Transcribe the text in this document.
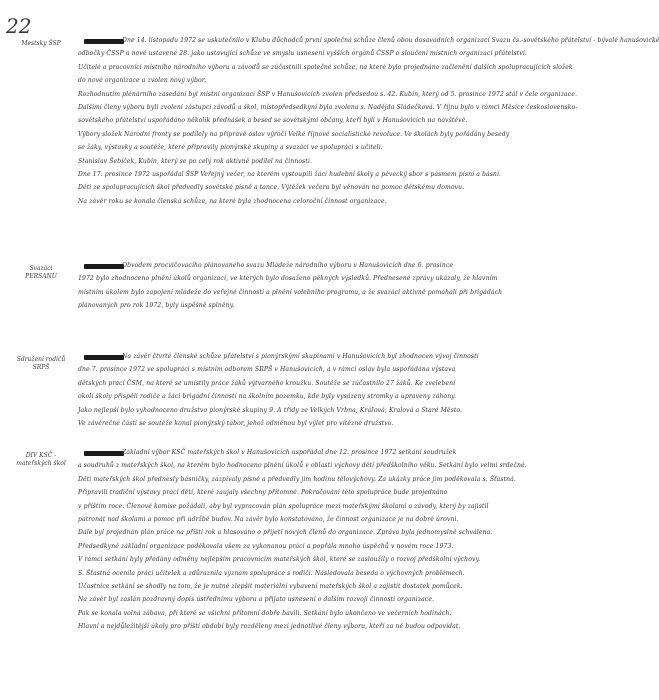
22
Mestsky ŠSP	Dne 14. listopadu 1972 se uskutečnilo v Klubu důchodců první společná schůze členů obou dosavadních organizací Svazu čs.-sovětského přátelství - bývalé hanušovické
odbočky ČSSP a nově ustavené 28. jako ustavující schůze ve smyslu usnesení vyšších orgánů ČSSP o sloučení místních organizací přátelství.
Učitelé a pracovníci místního národního výboru a závodů se zúčastnili společné schůze, na které bylo projednáno začlenění dalších spolupracujících složek
do nové organizace a zvolen nový výbor.
Rozhodnutím plénárního zasedání byl místní organizaci ŠSP v Hanušovicích zvolen předsedou s. 42. Kubín, který od 5. prosince 1972 stál v čele organizace.
Dalšími členy výboru byli zvoleni zástupci závodů a škol, místopředsedkyní byla zvolena s. Nadějda Sládečková. V říjnu bylo v rámci Měsíce československo-
sovětského přátelství uspořádáno několik přednášek a besed se sovětskými občany, kteří byli v Hanušovicích na návštěvě.
Výbory složek Národní fronty se podílely na přípravě oslav výročí Velké říjnové socialistické revoluce. Ve školách byly pořádány besedy
se žáky, výstavky a soutěže, které připravily pionýrské skupiny a svazáci ve spolupráci s učiteli.
Stanislav Šebíček, Kubín, který se po celý rok aktivně podílel na činnosti.
Dne 17. prosince 1972 uspořádal ŠSP Veřejný večer, na kterém vystoupili žáci hudební školy a pěvecký sbor s pásmem písní a básní.
Děti ze spolupracujících škol předvedly sovětské písně a tance. Výtěžek večera byl věnován na pomoc dětskému domovu.
Na závěr roku se konala členská schůze, na které byla zhodnocena celoroční činnost organizace.
Svazáci
PERSANU
Obvodem procvičovacího plánovaného svazu Mládeže národního výboru v Hanušovicích dne 6. prosince
1972 bylo zhodnoceno plnění úkolů organizací, ve kterých bylo dosaženo pěkných výsledků. Přednesené zprávy ukázaly, že hlavním
místním úkolem bylo zapojení mládeže do veřejné činnosti a plnění volebního programu, a že svazáci aktivně pomáhali při brigádách
plánovaných pro rok 1972, byly úspěšně splněny.
Sdružení rodičů
SRPŠ
Na závěr čtvrté členské schůze přátelství s pionýrskými skupinami v Hanušovicích byl zhodnocen vývoj činnosti
dne 7. prosince 1972 ve spolupráci s místním odborem SRPŠ v Hanušovicích, a v rámci oslav byla uspořádána výstava
dětských prací ČSM, na které se umístily práce žáků výtvarného kroužku. Soutěže se zúčastnilo 27 žáků. Ke zvelebení
okolí školy přispěli rodiče a žáci brigádní činností na školním pozemku, kde byly vysázeny stromky a upraveny záhony.
Jako nejlepší bylo vyhodnoceno družstvo pionýrské skupiny 9. A třídy ze Velkých Vrbna, Kráľová, Kralová a Staré Město.
Ve závěrečné části se soutěže konal pionýrský tábor, jehož odměnou byl výlet pro vítězné družstvo.
DIV KSČ -
mateřských škol
Základní výbor KSČ mateřských škol v Hanušovicích uspořádal dne 12. prosince 1972 setkání soudružek
a soudruhů z mateřských škol, na kterém bylo hodnoceno plnění úkolů v oblasti výchovy dětí předškolního věku. Setkání bylo velmi srdečné.
Děti mateřských škol přednesly básničky, zazpívaly písně a předvedly jim hodinu tělovýchovy. Za ukázky práce jim poděkovala s. Šťastná.
Připravili tradiční výstavy prací dětí, které zaujaly všechny přítomné. Pokračování této spolupráce bude projednáno
v příštím roce. Členové komise požádali, aby byl vypracován plán spolupráce mezi mateřskými školami a závody, který by zajistil
patronát nad školami a pomoc při údržbě budov. Na závěr bylo konstatováno, že činnost organizace je na dobré úrovni.
Dále byl projednán plán práce na příští rok a hlasováno o přijetí nových členů do organizace. Zpráva byla jednomyslně schválena.
Předsedkyně základní organizace poděkovala všem za vykonanou práci a popřála mnoho úspěchů v novém roce 1973.
V rámci setkání byly předány odměny nejlepším pracovnicím mateřských škol, které se zasloužily o rozvoj předškolní výchovy.
S. Šťastná ocenila práci učitelek a zdůraznila význam spolupráce s rodiči. Následovala beseda o výchovných problémech.
Účastnice setkání se shodly na tom, že je nutné zlepšit materiální vybavení mateřských škol a zajistit dostatek pomůcek.
Na závěr byl zaslán pozdravný dopis ústřednímu výboru a přijato usnesení o dalším rozvoji činnosti organizace.
Pak se konala volná zábava, při které se všichni přítomní dobře bavili. Setkání bylo ukončeno ve večerních hodinách.
Hlavní a nejdůležitější úkoly pro příští období byly rozděleny mezi jednotlivé členy výboru, kteří za ně budou odpovídat.
